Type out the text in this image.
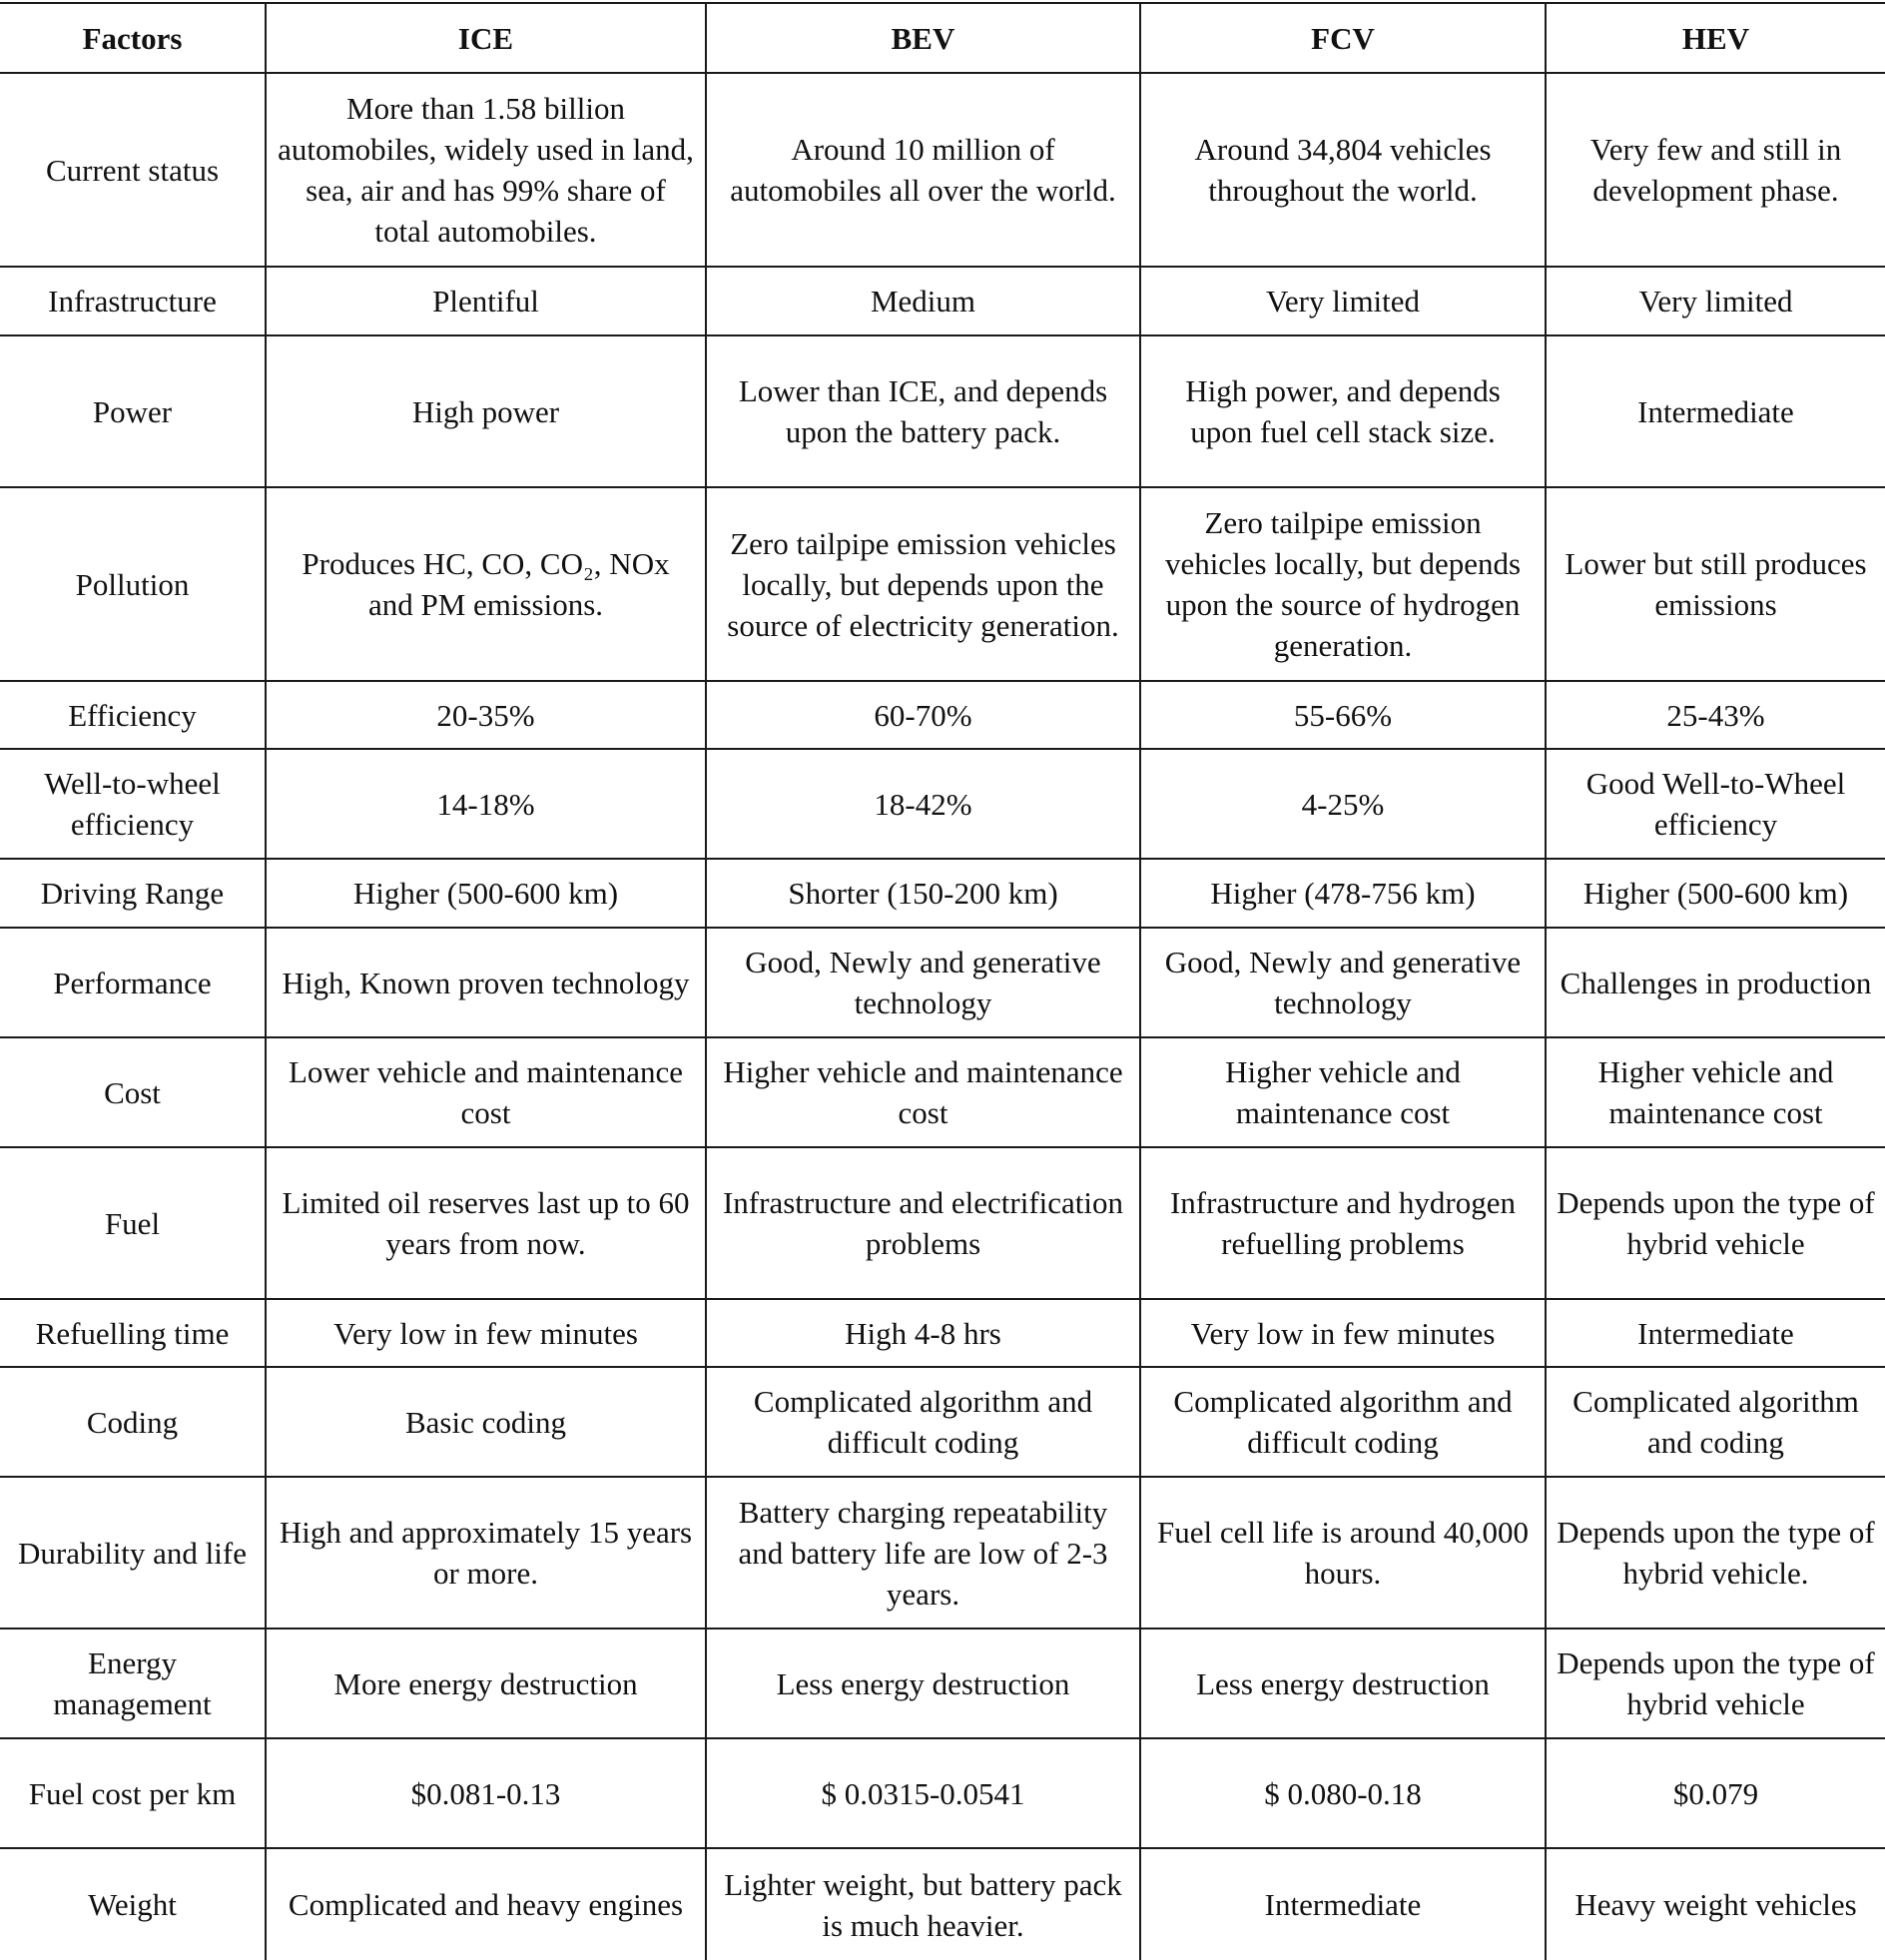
Factors	ICE	BEV	FCV	HEV
Current status	More than 1.58 billion automobiles, widely used in land, sea, air and has 99% share of total automobiles.	Around 10 million of automobiles all over the world.	Around 34,804 vehicles throughout the world.	Very few and still in development phase.
Infrastructure	Plentiful	Medium	Very limited	Very limited
Power	High power	Lower than ICE, and depends upon the battery pack.	High power, and depends upon fuel cell stack size.	Intermediate
Pollution	Produces HC, CO, CO₂, NOx and PM emissions.	Zero tailpipe emission vehicles locally, but depends upon the source of electricity generation.	Zero tailpipe emission vehicles locally, but depends upon the source of hydrogen generation.	Lower but still produces emissions
Efficiency	20-35%	60-70%	55-66%	25-43%
Well-to-wheel efficiency	14-18%	18-42%	4-25%	Good Well-to-Wheel efficiency
Driving Range	Higher (500-600 km)	Shorter (150-200 km)	Higher (478-756 km)	Higher (500-600 km)
Performance	High, Known proven technology	Good, Newly and generative technology	Good, Newly and generative technology	Challenges in production
Cost	Lower vehicle and maintenance cost	Higher vehicle and maintenance cost	Higher vehicle and maintenance cost	Higher vehicle and maintenance cost
Fuel	Limited oil reserves last up to 60 years from now.	Infrastructure and electrification problems	Infrastructure and hydrogen refuelling problems	Depends upon the type of hybrid vehicle
Refuelling time	Very low in few minutes	High 4-8 hrs	Very low in few minutes	Intermediate
Coding	Basic coding	Complicated algorithm and difficult coding	Complicated algorithm and difficult coding	Complicated algorithm and coding
Durability and life	High and approximately 15 years or more.	Battery charging repeatability and battery life are low of 2-3 years.	Fuel cell life is around 40,000 hours.	Depends upon the type of hybrid vehicle.
Energy management	More energy destruction	Less energy destruction	Less energy destruction	Depends upon the type of hybrid vehicle
Fuel cost per km	$0.081-0.13	$ 0.0315-0.0541	$ 0.080-0.18	$0.079
Weight	Complicated and heavy engines	Lighter weight, but battery pack is much heavier.	Intermediate	Heavy weight vehicles
